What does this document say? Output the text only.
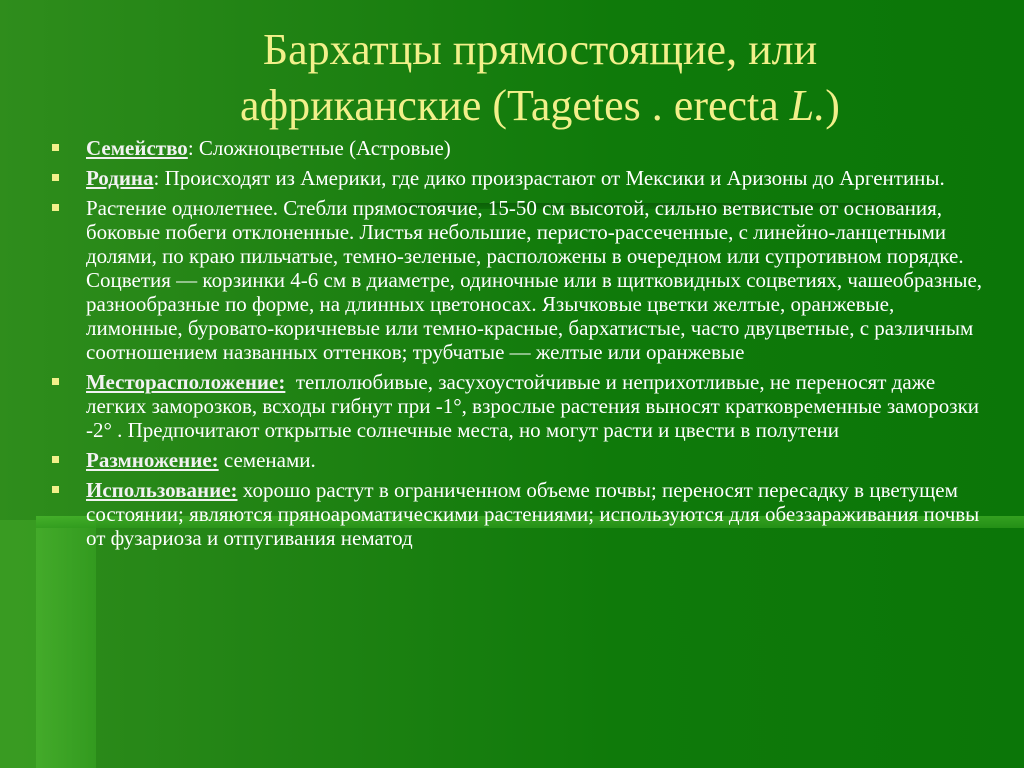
Бархатцы прямостоящие, или
африканские (Tagetes . erecta L.)
Семейство: Сложноцветные (Астровые)
Родина: Происходят из Америки, где дико произрастают от Мексики и Аризоны до Аргентины.
Растение однолетнее. Стебли прямостоячие, 15-50 см высотой, сильно ветвистые от основания, боковые побеги отклоненные. Листья небольшие, перисто-рассеченные, с линейно-ланцетными долями, по краю пильчатые, темно-зеленые, расположены в очередном или супротивном порядке. Соцветия — корзинки 4-6 см в диаметре, одиночные или в щитковидных соцветиях, чашеобразные, разнообразные по форме, на длинных цветоносах. Язычковые цветки желтые, оранжевые, лимонные, буровато-коричневые или темно-красные, бархатистые, часто двуцветные, с различным соотношением названных оттенков; трубчатые — желтые или оранжевые
Месторасположение: теплолюбивые, засухоустойчивые и неприхотливые, не переносят даже легких заморозков, всходы гибнут при -1°, взрослые растения выносят кратковременные заморозки -2° . Предпочитают открытые солнечные места, но могут расти и цвести в полутени
Размножение: семенами.
Использование: хорошо растут в ограниченном объеме почвы; переносят пересадку в цветущем состоянии; являются пряноароматическими растениями; используются для обеззараживания почвы от фузариоза и отпугивания нематод
